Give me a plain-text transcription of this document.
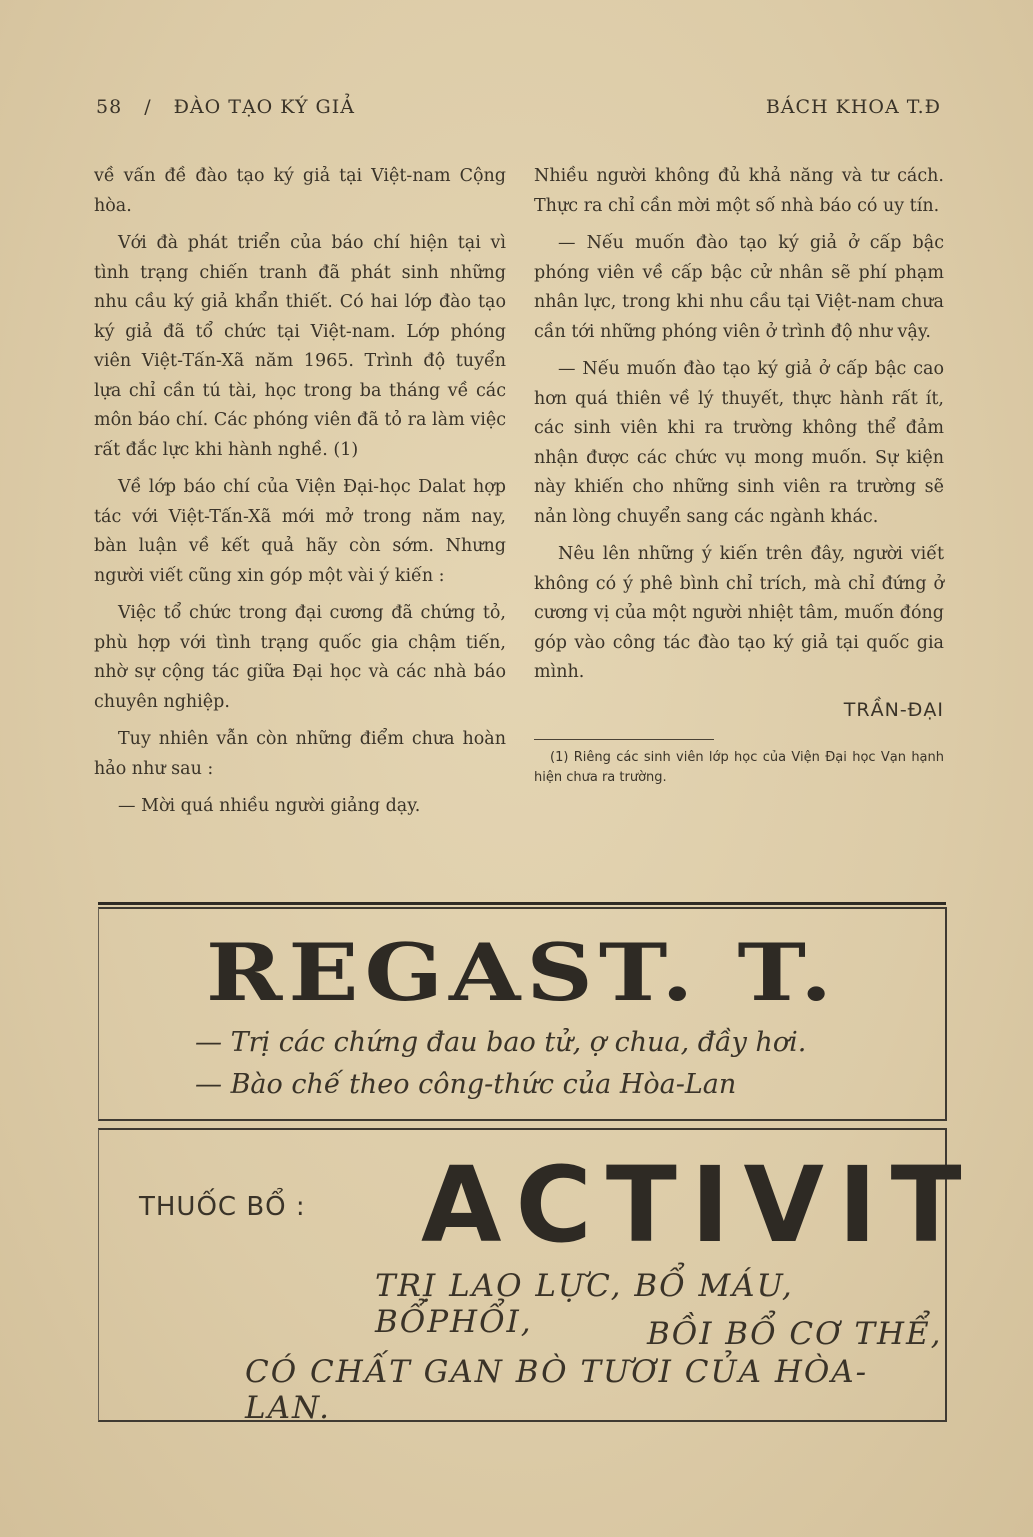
58 / ĐÀO TẠO KÝ GIẢ	BÁCH KHOA T.Đ

về vấn đề đào tạo ký giả tại Việt-nam Cộng hòa.

Với đà phát triển của báo chí hiện tại vì tình trạng chiến tranh đã phát sinh những nhu cầu ký giả khẩn thiết. Có hai lớp đào tạo ký giả đã tổ chức tại Việt-nam. Lớp phóng viên Việt-Tấn-Xã năm 1965. Trình độ tuyển lựa chỉ cần tú tài, học trong ba tháng về các môn báo chí. Các phóng viên đã tỏ ra làm việc rất đắc lực khi hành nghề. (1)

Về lớp báo chí của Viện Đại-học Dalat hợp tác với Việt-Tấn-Xã mới mở trong năm nay, bàn luận về kết quả hãy còn sớm. Nhưng người viết cũng xin góp một vài ý kiến :

Việc tổ chức trong đại cương đã chứng tỏ, phù hợp với tình trạng quốc gia chậm tiến, nhờ sự cộng tác giữa Đại học và các nhà báo chuyên nghiệp.

Tuy nhiên vẫn còn những điểm chưa hoàn hảo như sau :

— Mời quá nhiều người giảng dạy.

Nhiều người không đủ khả năng và tư cách. Thực ra chỉ cần mời một số nhà báo có uy tín.

— Nếu muốn đào tạo ký giả ở cấp bậc phóng viên về cấp bậc cử nhân sẽ phí phạm nhân lực, trong khi nhu cầu tại Việt-nam chưa cần tới những phóng viên ở trình độ như vậy.

— Nếu muốn đào tạo ký giả ở cấp bậc cao hơn quá thiên về lý thuyết, thực hành rất ít, các sinh viên khi ra trường không thể đảm nhận được các chức vụ mong muốn. Sự kiện này khiến cho những sinh viên ra trường sẽ nản lòng chuyển sang các ngành khác.

Nêu lên những ý kiến trên đây, người viết không có ý phê bình chỉ trích, mà chỉ đứng ở cương vị của một người nhiệt tâm, muốn đóng góp vào công tác đào tạo ký giả tại quốc gia mình.

TRẦN-ĐẠI
(1) Riêng các sinh viên lớp học của Viện Đại học Vạn hạnh hiện chưa ra trường.
REGAST. T.
— Trị các chứng đau bao tử, ợ chua, đầy hơi.
— Bào chế theo công-thức của Hòa-Lan
THUỐC BỔ : ACTIVIT
TRỊ LAO LỰC, BỔ MÁU, BỔPHỔI,	BỒI BỔ CƠ THỂ,
CÓ CHẤT GAN BÒ TƯƠI CỦA HÒA-LAN.
